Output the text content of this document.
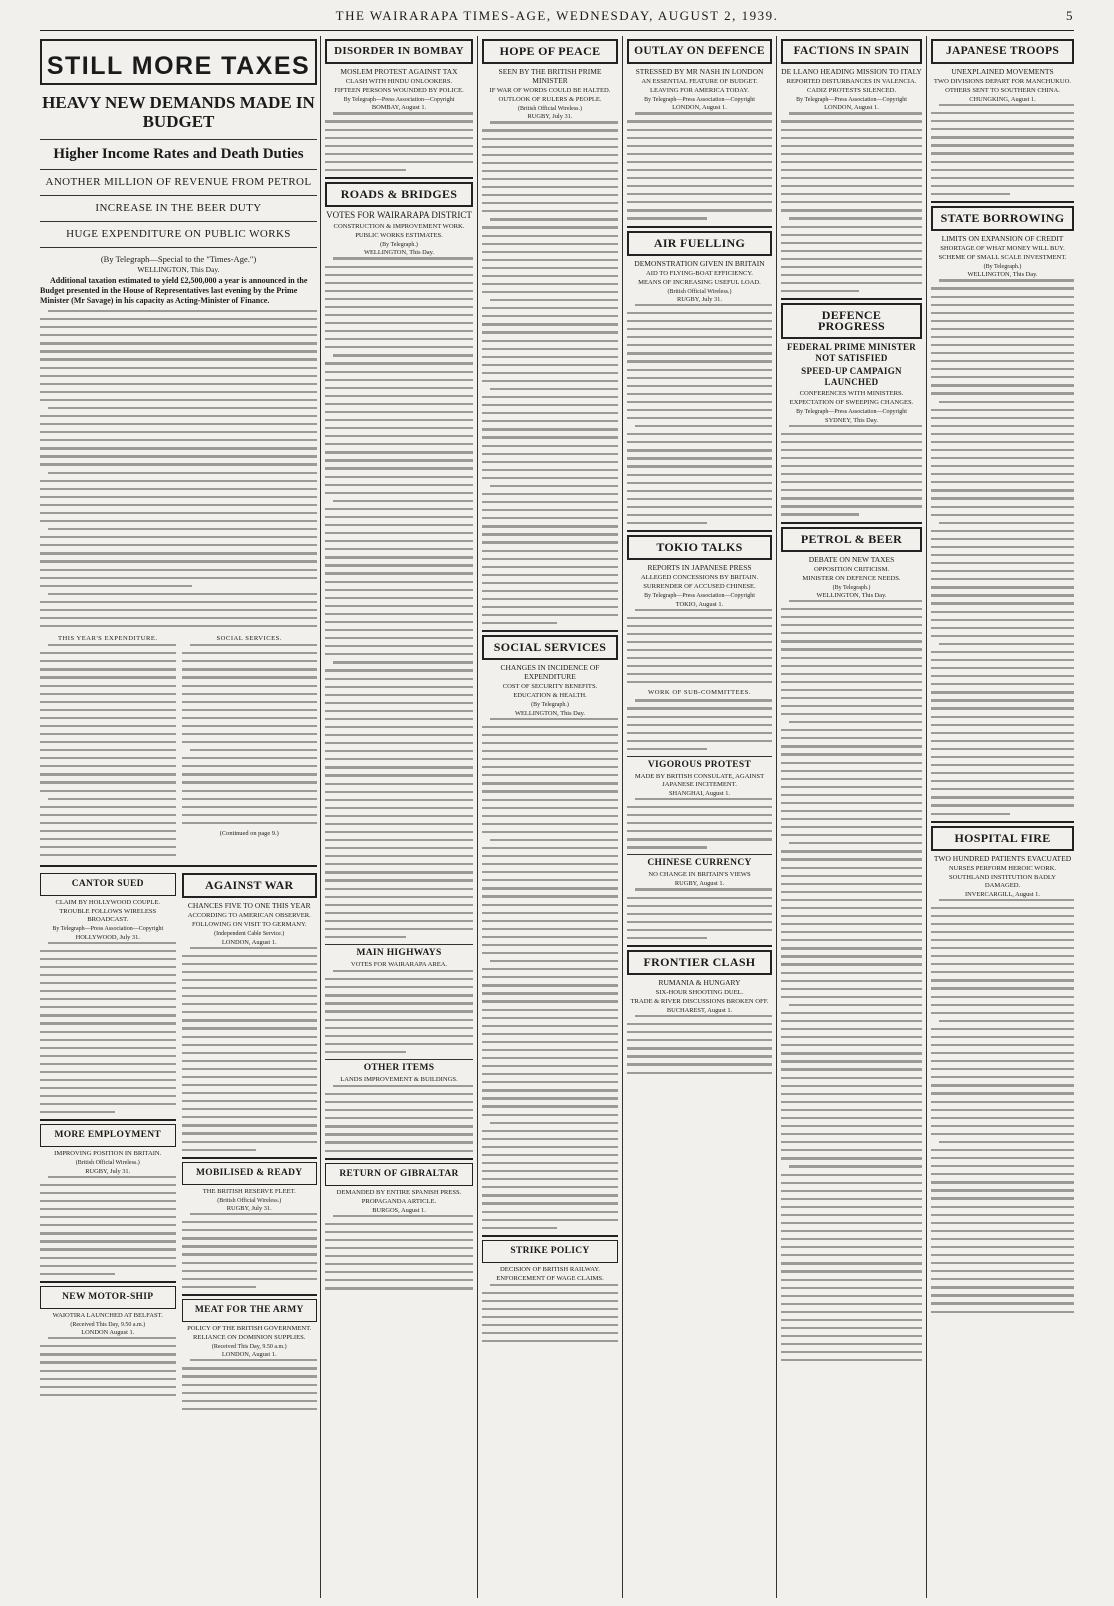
THE WAIRARAPA TIMES-AGE, WEDNESDAY, AUGUST 2, 1939.	5
STILL MORE TAXES
HEAVY NEW DEMANDS MADE IN BUDGET
Higher Income Rates and Death Duties
ANOTHER MILLION OF REVENUE FROM PETROL
INCREASE IN THE BEER DUTY
HUGE EXPENDITURE ON PUBLIC WORKS
(By Telegraph—Special to the "Times-Age.")
WELLINGTON, This Day.
Additional taxation estimated to yield £2,500,000 a year is announced in the Budget presented in the House of Representatives last evening by the Prime Minister (Mr Savage) in his capacity as Acting-Minister of Finance.
THIS YEAR'S EXPENDITURE.	SOCIAL SERVICES.
(Continued on page 9.)
CANTOR SUED
CLAIM BY HOLLYWOOD COUPLE.
TROUBLE FOLLOWS WIRELESS BROADCAST.
By Telegraph—Press Association—Copyright
HOLLYWOOD, July 31.
MORE EMPLOYMENT
IMPROVING POSITION IN BRITAIN.
(British Official Wireless.)
RUGBY, July 31.
NEW MOTOR-SHIP
WAIOTIRA LAUNCHED AT BELFAST.
(Received This Day, 9.50 a.m.)
LONDON August 1.
AGAINST WAR
CHANCES FIVE TO ONE THIS YEAR
ACCORDING TO AMERICAN OBSERVER.
FOLLOWING ON VISIT TO GERMANY.
(Independent Cable Service.)
LONDON, August 1.
MOBILISED & READY
THE BRITISH RESERVE FLEET.
(British Official Wireless.)
RUGBY, July 31.
MEAT FOR THE ARMY
POLICY OF THE BRITISH GOVERNMENT.
RELIANCE ON DOMINION SUPPLIES.
(Received This Day, 9.50 a.m.)
LONDON, August 1.
DISORDER IN BOMBAY
MOSLEM PROTEST AGAINST TAX
CLASH WITH HINDU ONLOOKERS.
FIFTEEN PERSONS WOUNDED BY POLICE.
By Telegraph—Press Association—Copyright
BOMBAY, August 1.
ROADS & BRIDGES
VOTES FOR WAIRARAPA DISTRICT
CONSTRUCTION & IMPROVEMENT WORK.
PUBLIC WORKS ESTIMATES.
(By Telegraph.)
WELLINGTON, This Day.
MAIN HIGHWAYS
VOTES FOR WAIRARAPA AREA.
OTHER ITEMS
LANDS IMPROVEMENT & BUILDINGS.
RETURN OF GIBRALTAR
DEMANDED BY ENTIRE SPANISH PRESS.
PROPAGANDA ARTICLE.
BURGOS, August 1.
HOPE OF PEACE
SEEN BY THE BRITISH PRIME MINISTER
IF WAR OF WORDS COULD BE HALTED.
OUTLOOK OF RULERS & PEOPLE.
(British Official Wireless.)
RUGBY, July 31.
SOCIAL SERVICES
CHANGES IN INCIDENCE OF EXPENDITURE
COST OF SECURITY BENEFITS.
EDUCATION & HEALTH.
(By Telegraph.)
WELLINGTON, This Day.
STRIKE POLICY
DECISION OF BRITISH RAILWAY.
ENFORCEMENT OF WAGE CLAIMS.
OUTLAY ON DEFENCE
STRESSED BY MR NASH IN LONDON
AN ESSENTIAL FEATURE OF BUDGET.
LEAVING FOR AMERICA TODAY.
By Telegraph—Press Association—Copyright
LONDON, August 1.
AIR FUELLING
DEMONSTRATION GIVEN IN BRITAIN
AID TO FLYING-BOAT EFFICIENCY.
MEANS OF INCREASING USEFUL LOAD.
(British Official Wireless.)
RUGBY, July 31.
TOKIO TALKS
REPORTS IN JAPANESE PRESS
ALLEGED CONCESSIONS BY BRITAIN.
SURRENDER OF ACCUSED CHINESE.
By Telegraph—Press Association—Copyright
TOKIO, August 1.
WORK OF SUB-COMMITTEES.
VIGOROUS PROTEST
MADE BY BRITISH CONSULATE, AGAINST JAPANESE INCITEMENT.
SHANGHAI, August 1.
CHINESE CURRENCY
NO CHANGE IN BRITAIN'S VIEWS
RUGBY, August 1.
FRONTIER CLASH
RUMANIA & HUNGARY
SIX-HOUR SHOOTING DUEL.
TRADE & RIVER DISCUSSIONS BROKEN OFF.
BUCHAREST, August 1.
FACTIONS IN SPAIN
DE LLANO HEADING MISSION TO ITALY
REPORTED DISTURBANCES IN VALENCIA.
CADIZ PROTESTS SILENCED.
By Telegraph—Press Association—Copyright
LONDON, August 1.
DEFENCE PROGRESS
FEDERAL PRIME MINISTER NOT SATISFIED
SPEED-UP CAMPAIGN LAUNCHED
CONFERENCES WITH MINISTERS.
EXPECTATION OF SWEEPING CHANGES.
By Telegraph—Press Association—Copyright
SYDNEY, This Day.
PETROL & BEER
DEBATE ON NEW TAXES
OPPOSITION CRITICISM.
MINISTER ON DEFENCE NEEDS.
(By Telegraph.)
WELLINGTON, This Day.
JAPANESE TROOPS
UNEXPLAINED MOVEMENTS
TWO DIVISIONS DEPART FOR MANCHUKUO.
OTHERS SENT TO SOUTHERN CHINA.
CHUNGKING, August 1.
STATE BORROWING
LIMITS ON EXPANSION OF CREDIT
SHORTAGE OF WHAT MONEY WILL BUY.
SCHEME OF SMALL SCALE INVESTMENT.
(By Telegraph.)
WELLINGTON, This Day.
HOSPITAL FIRE
TWO HUNDRED PATIENTS EVACUATED
NURSES PERFORM HEROIC WORK.
SOUTHLAND INSTITUTION BADLY DAMAGED.
INVERCARGILL, August 1.
